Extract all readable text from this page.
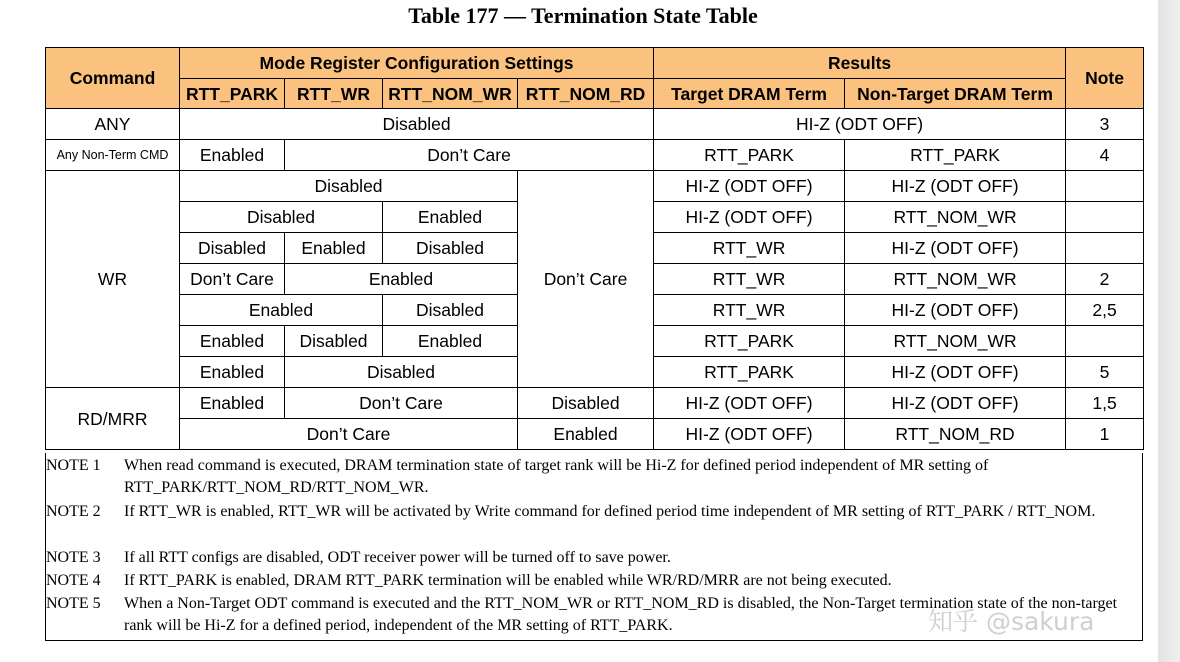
Table 177 — Termination State Table
Command	Mode Register Configuration Settings				Results		Note
	RTT_PARK	RTT_WR	RTT_NOM_WR	RTT_NOM_RD	Target DRAM Term	Non-Target DRAM Term	
ANY	Disabled				HI-Z (ODT OFF)		3
Any Non-Term CMD	Enabled	Don’t Care			RTT_PARK	RTT_PARK	4
WR	Disabled			Don’t Care	HI-Z (ODT OFF)	HI-Z (ODT OFF)	
	Disabled		Enabled		HI-Z (ODT OFF)	RTT_NOM_WR	
	Disabled	Enabled	Disabled		RTT_WR	HI-Z (ODT OFF)	
	Don’t Care	Enabled			RTT_WR	RTT_NOM_WR	2
	Enabled		Disabled		RTT_WR	HI-Z (ODT OFF)	2,5
	Enabled	Disabled	Enabled		RTT_PARK	RTT_NOM_WR	
	Enabled	Disabled			RTT_PARK	HI-Z (ODT OFF)	5
RD/MRR	Enabled	Don’t Care		Disabled	HI-Z (ODT OFF)	HI-Z (ODT OFF)	1,5
	Don’t Care			Enabled	HI-Z (ODT OFF)	RTT_NOM_RD	1
NOTE 1	When read command is executed, DRAM termination state of target rank will be Hi-Z for defined period independent of MR setting of RTT_PARK/RTT_NOM_RD/RTT_NOM_WR.
NOTE 2	If RTT_WR is enabled, RTT_WR will be activated by Write command for defined period time independent of MR setting of RTT_PARK / RTT_NOM.
NOTE 3	If all RTT configs are disabled, ODT receiver power will be turned off to save power.
NOTE 4	If RTT_PARK is enabled, DRAM RTT_PARK termination will be enabled while WR/RD/MRR are not being executed.
NOTE 5	When a Non-Target ODT command is executed and the RTT_NOM_WR or RTT_NOM_RD is disabled, the Non-Target termination state of the non-target rank will be Hi-Z for a defined period, independent of the MR setting of RTT_PARK.	知乎 @sakura
